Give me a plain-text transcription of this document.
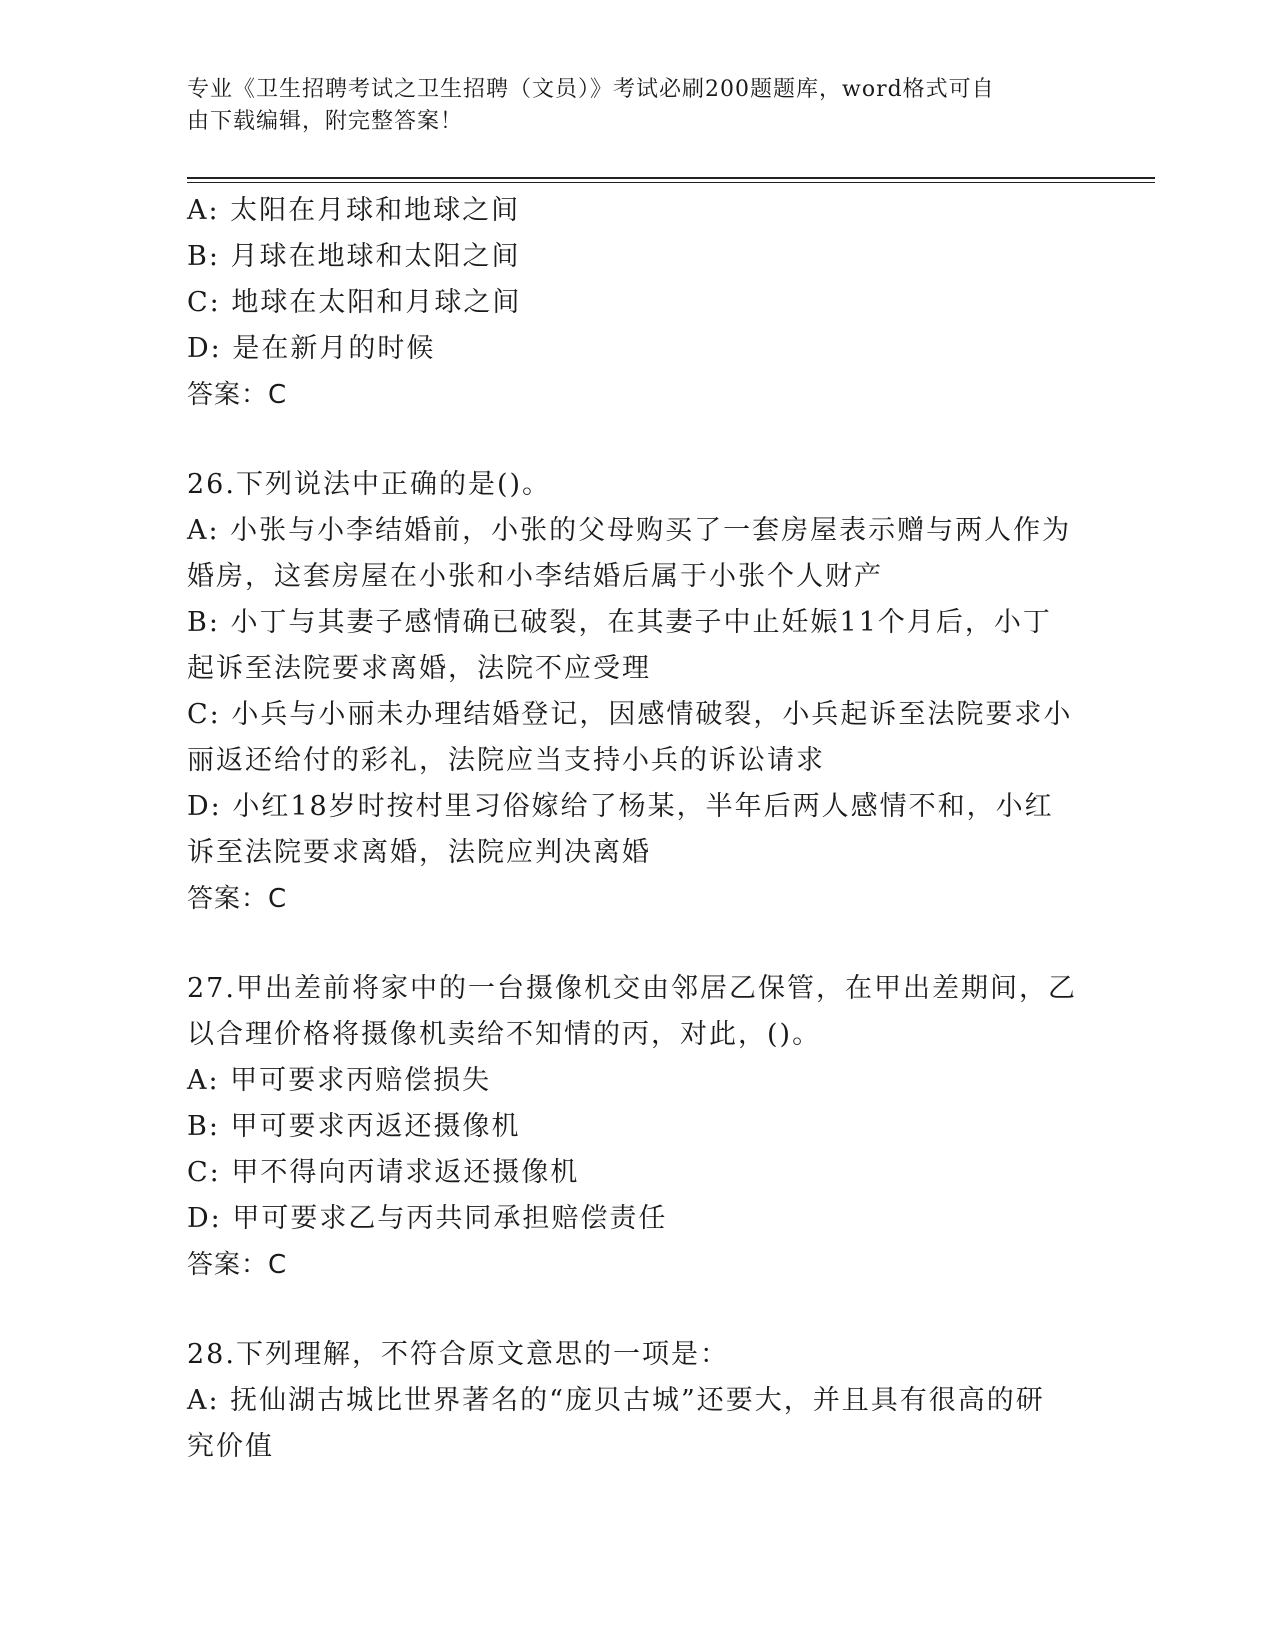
专业《卫生招聘考试之卫生招聘（文员）》考试必刷200题题库，word格式可自
由下载编辑，附完整答案！
A: 太阳在月球和地球之间
B: 月球在地球和太阳之间
C: 地球在太阳和月球之间
D: 是在新月的时候
答案：C
26.下列说法中正确的是()。
A: 小张与小李结婚前，小张的父母购买了一套房屋表示赠与两人作为
婚房，这套房屋在小张和小李结婚后属于小张个人财产
B: 小丁与其妻子感情确已破裂，在其妻子中止妊娠11个月后，小丁
起诉至法院要求离婚，法院不应受理
C: 小兵与小丽未办理结婚登记，因感情破裂，小兵起诉至法院要求小
丽返还给付的彩礼，法院应当支持小兵的诉讼请求
D: 小红18岁时按村里习俗嫁给了杨某，半年后两人感情不和，小红
诉至法院要求离婚，法院应判决离婚
答案：C
27.甲出差前将家中的一台摄像机交由邻居乙保管，在甲出差期间，乙
以合理价格将摄像机卖给不知情的丙，对此，()。
A: 甲可要求丙赔偿损失
B: 甲可要求丙返还摄像机
C: 甲不得向丙请求返还摄像机
D: 甲可要求乙与丙共同承担赔偿责任
答案：C
28.下列理解，不符合原文意思的一项是：
A: 抚仙湖古城比世界著名的“庞贝古城”还要大，并且具有很高的研
究价值
